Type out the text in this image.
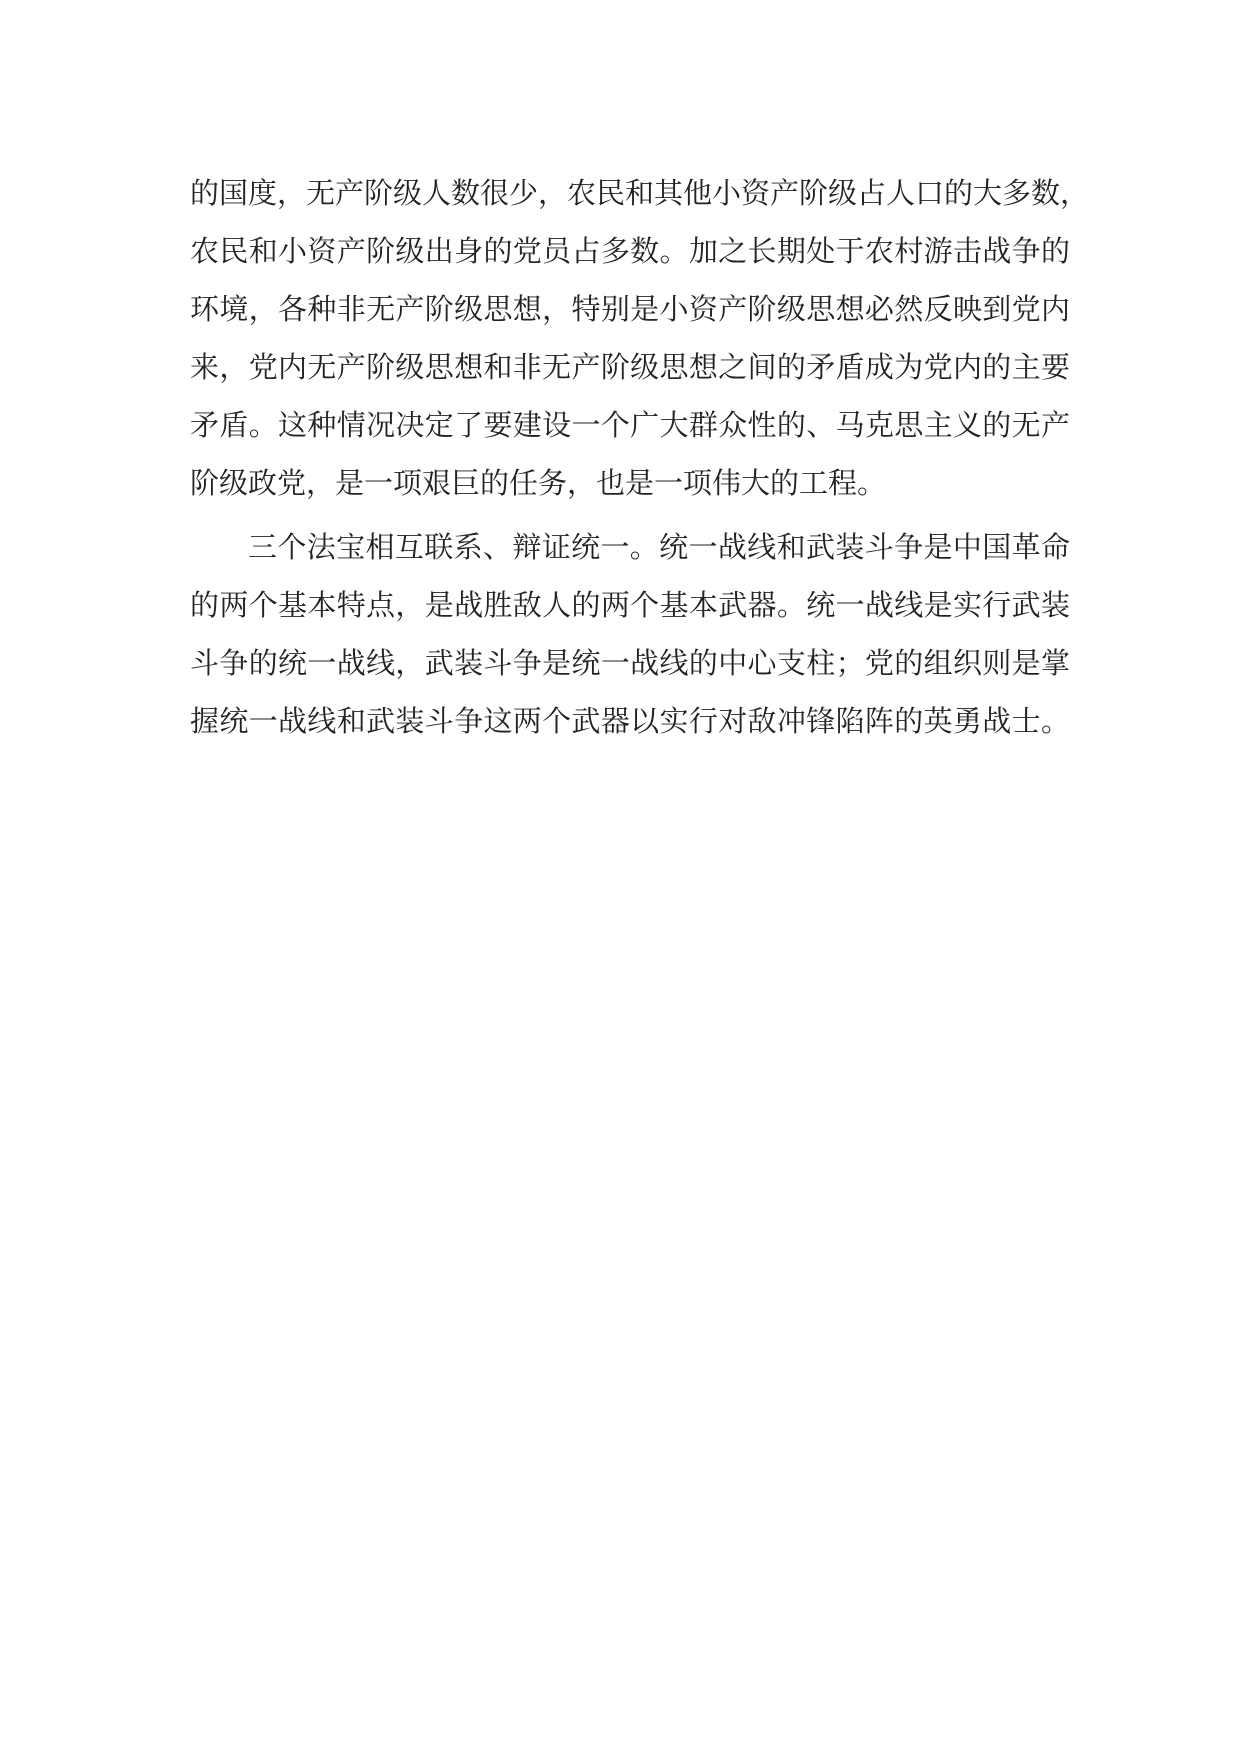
的国度，无产阶级人数很少，农民和其他小资产阶级占人口的大多数，
农民和小资产阶级出身的党员占多数。加之长期处于农村游击战争的
环境，各种非无产阶级思想，特别是小资产阶级思想必然反映到党内
来，党内无产阶级思想和非无产阶级思想之间的矛盾成为党内的主要
矛盾。这种情况决定了要建设一个广大群众性的、马克思主义的无产
阶级政党，是一项艰巨的任务，也是一项伟大的工程。
三个法宝相互联系、辩证统一。统一战线和武装斗争是中国革命
的两个基本特点，是战胜敌人的两个基本武器。统一战线是实行武装
斗争的统一战线，武装斗争是统一战线的中心支柱；党的组织则是掌
握统一战线和武装斗争这两个武器以实行对敌冲锋陷阵的英勇战士。
